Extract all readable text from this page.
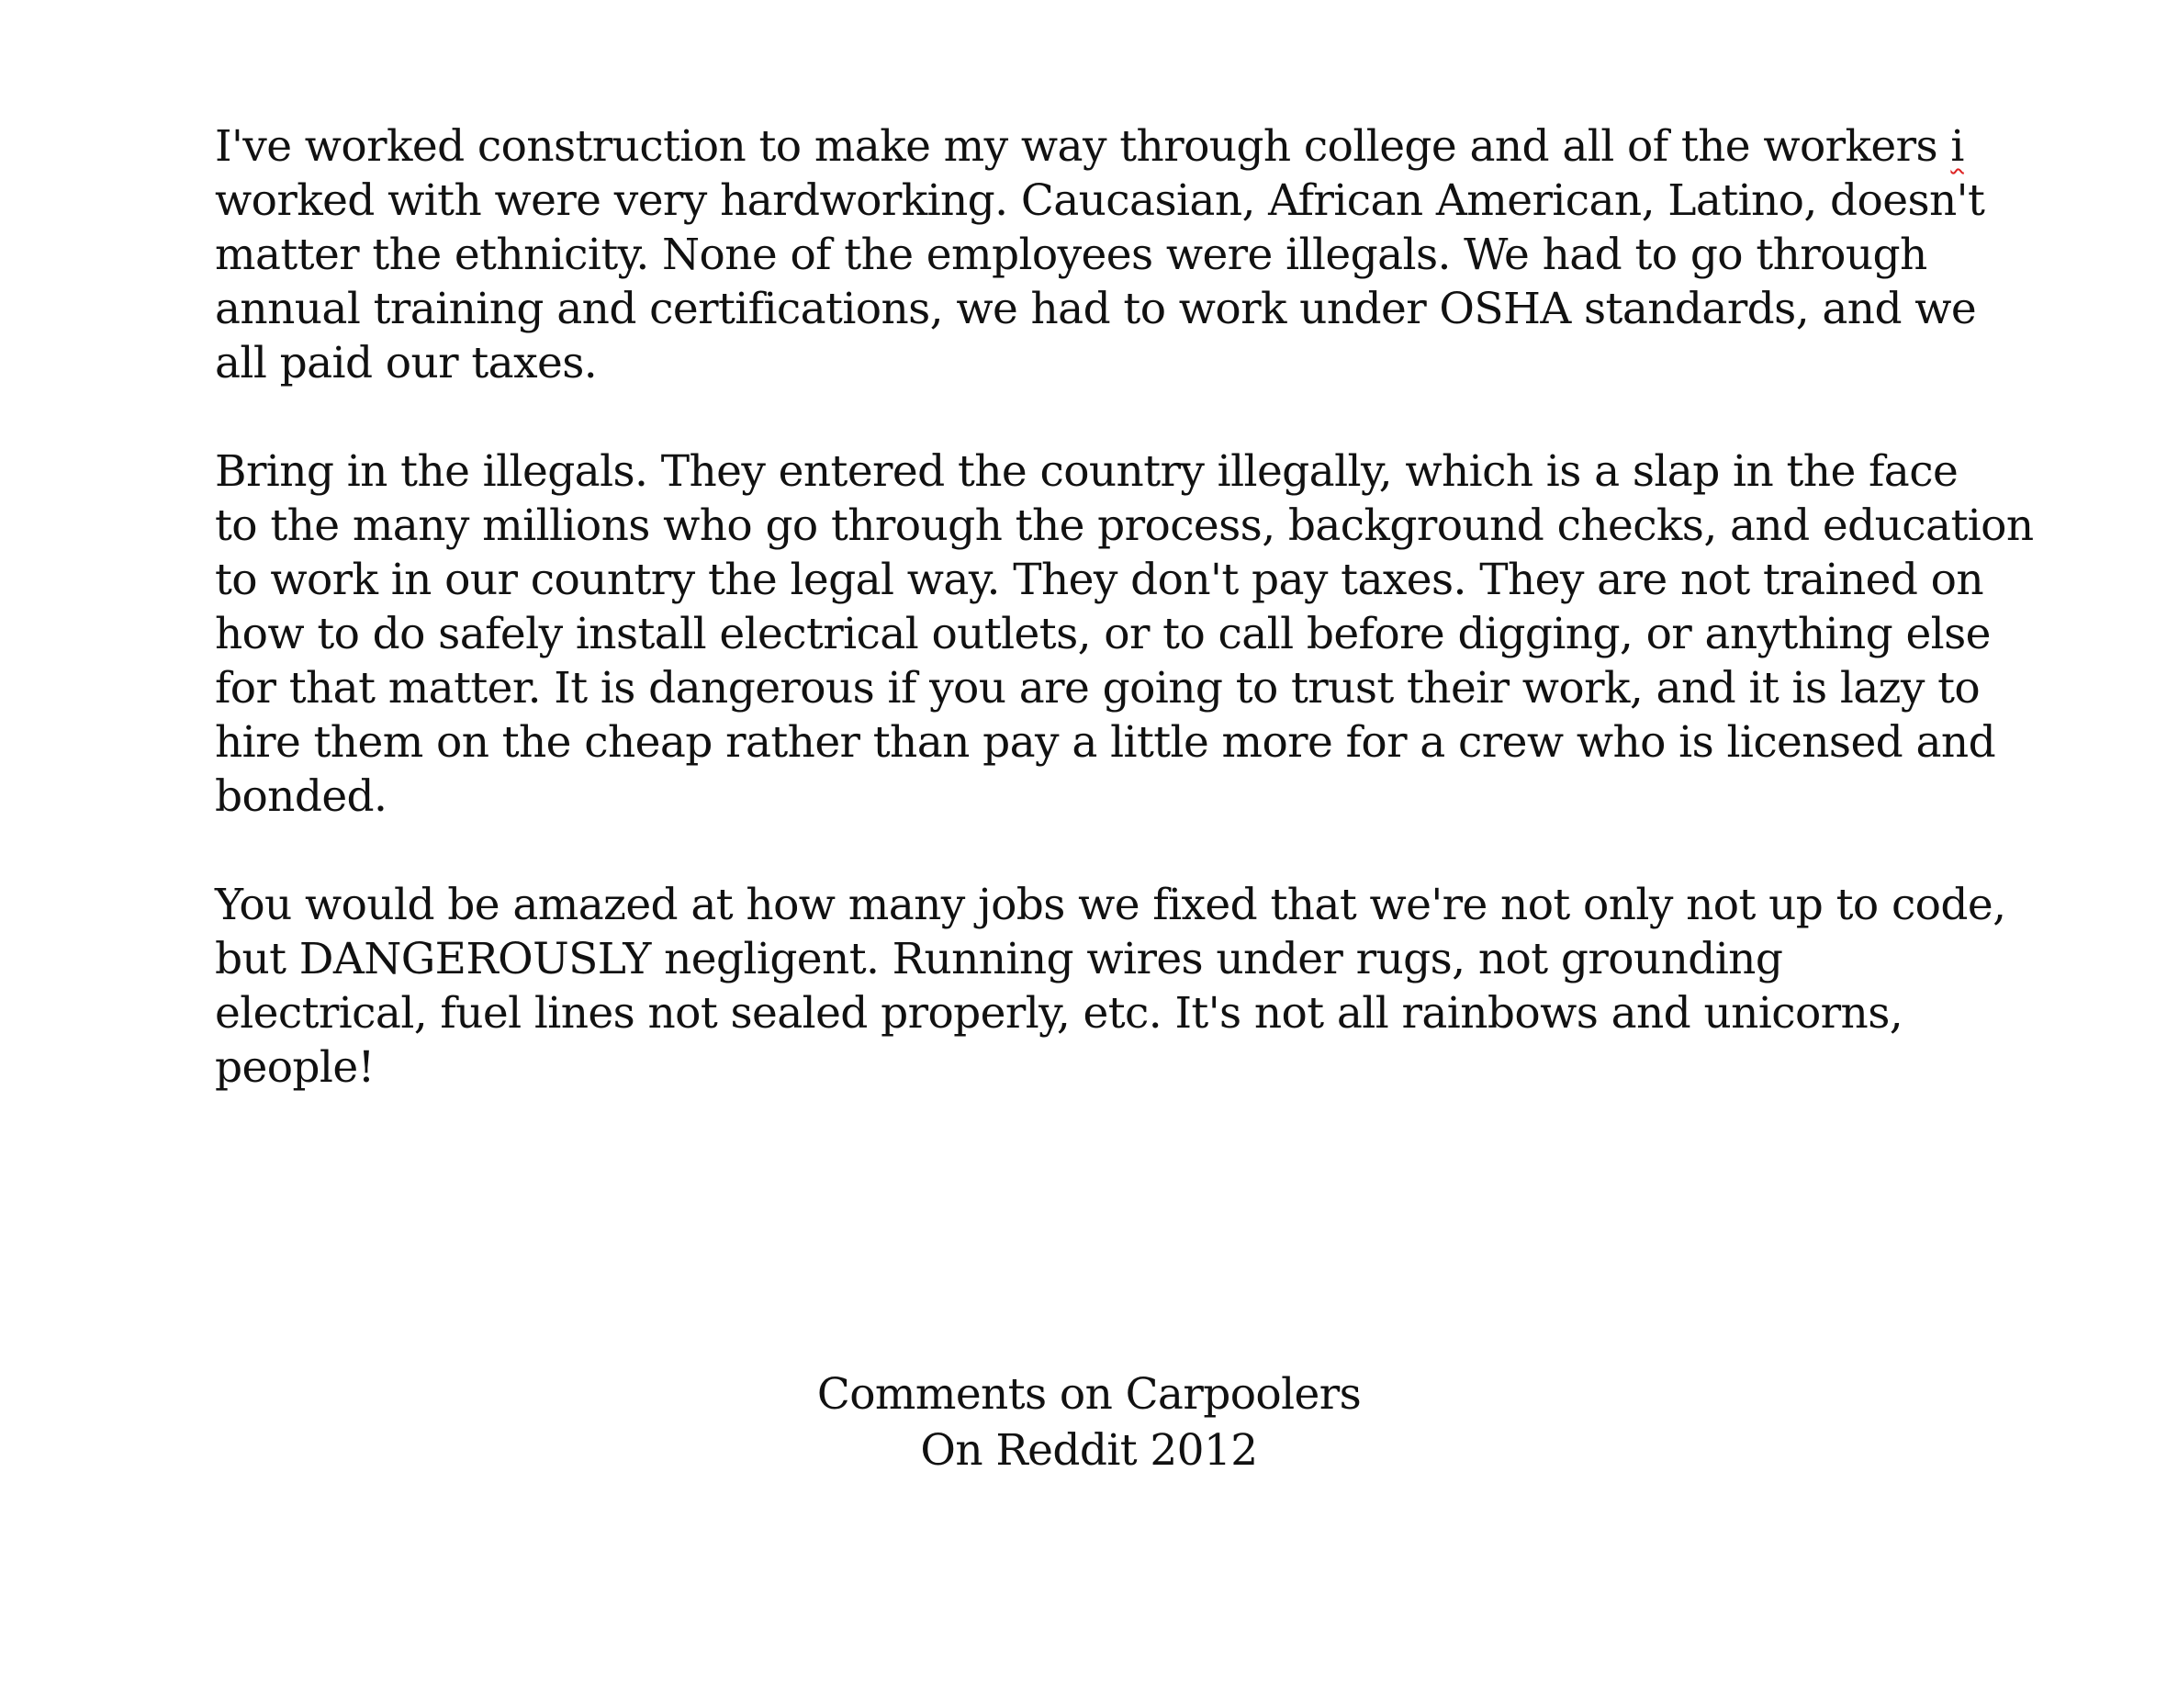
I've worked construction to make my way through college and all of the workers i
worked with were very hardworking. Caucasian, African American, Latino, doesn't
matter the ethnicity. None of the employees were illegals. We had to go through
annual training and certifications, we had to work under OSHA standards, and we
all paid our taxes.

Bring in the illegals. They entered the country illegally, which is a slap in the face
to the many millions who go through the process, background checks, and education
to work in our country the legal way. They don't pay taxes. They are not trained on
how to do safely install electrical outlets, or to call before digging, or anything else
for that matter. It is dangerous if you are going to trust their work, and it is lazy to
hire them on the cheap rather than pay a little more for a crew who is licensed and
bonded.

You would be amazed at how many jobs we fixed that we're not only not up to code,
but DANGEROUSLY negligent. Running wires under rugs, not grounding
electrical, fuel lines not sealed properly, etc. It's not all rainbows and unicorns,
people!

Comments on Carpoolers
On Reddit 2012
